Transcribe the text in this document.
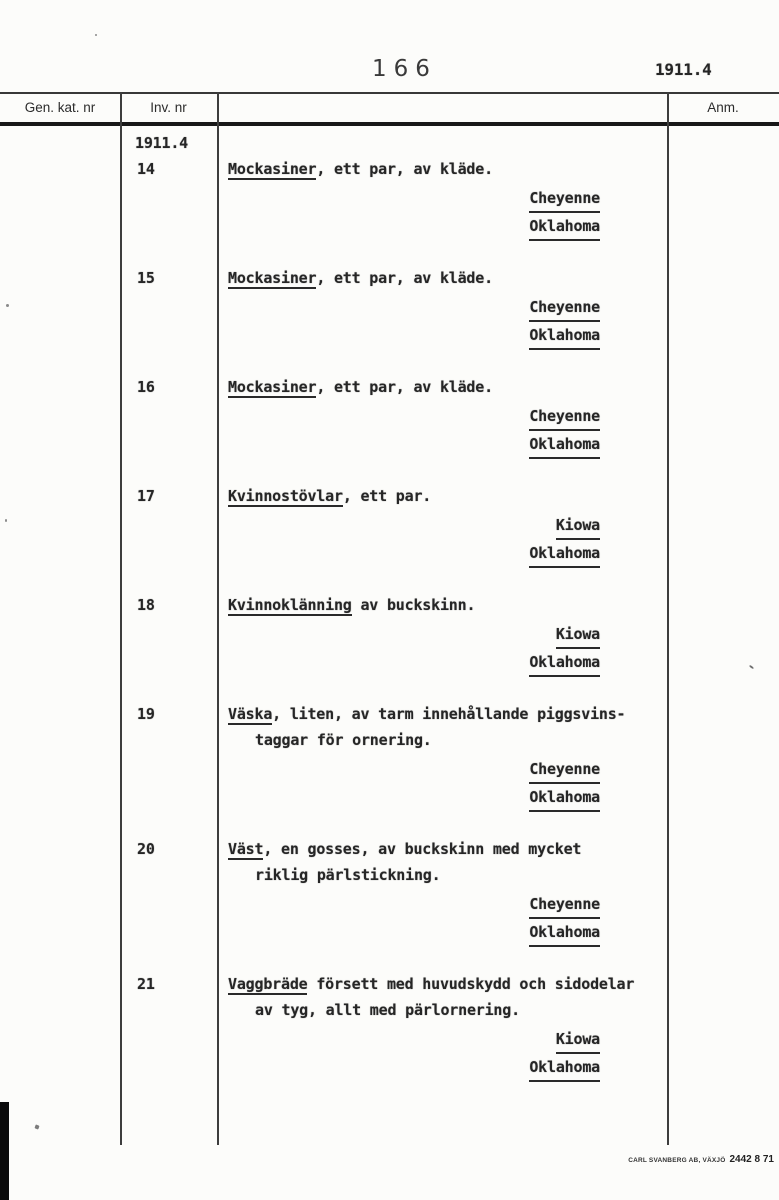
166	1911.4
Gen. kat. nr	Inv. nr	Anm.
1911.4
14	Mockasiner, ett par, av kläde.
Cheyenne
Oklahoma
15	Mockasiner, ett par, av kläde.
Cheyenne
Oklahoma
16	Mockasiner, ett par, av kläde.
Cheyenne
Oklahoma
17	Kvinnostövlar, ett par.
Kiowa
Oklahoma
18	Kvinnoklänning av buckskinn.
Kiowa
Oklahoma
19	Väska, liten, av tarm innehållande piggsvins-
taggar för ornering.
Cheyenne
Oklahoma
20	Väst, en gosses, av buckskinn med mycket
riklig pärlstickning.
Cheyenne
Oklahoma
21	Vaggbräde försett med huvudskydd och sidodelar
av tyg, allt med pärlornering.
Kiowa
Oklahoma
CARL SVANBERG AB, VÄXJÖ 2442 8 71
